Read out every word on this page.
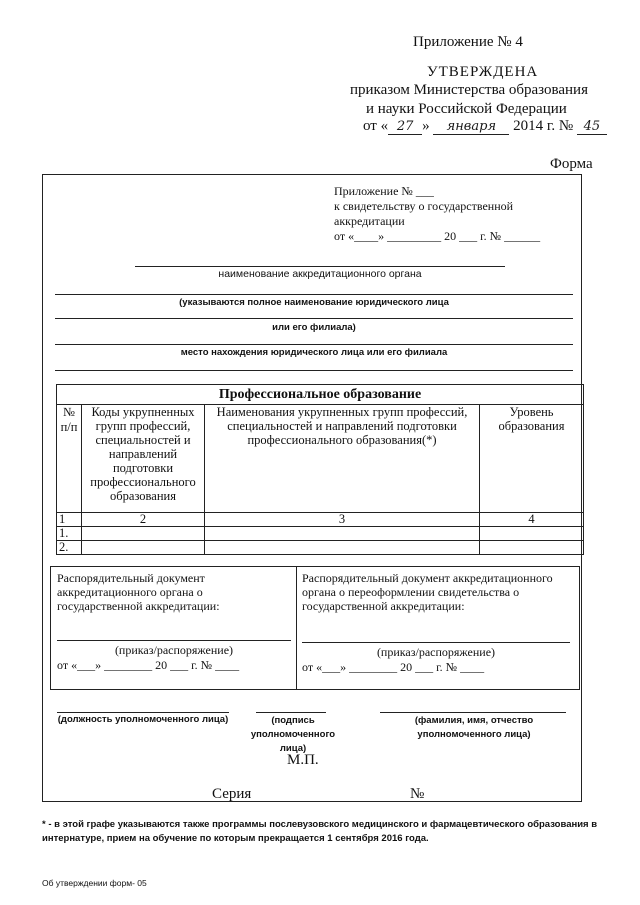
Приложение № 4
УТВЕРЖДЕНА
приказом Министерства образования
и науки Российской Федерации
от « 27 » января 2014 г. № 45
Форма
Приложение № ___
к свидетельству о государственной
аккредитации
от «____» _________ 20 ___ г. № ______
наименование аккредитационного органа
(указываются полное наименование юридического лица
или его филиала)
место нахождения юридического лица или его филиала
Профессиональное образование			
№ п/п	Коды укрупненных групп профессий, специальностей и направлений подготовки профессионального образования	Наименования укрупненных групп профессий, специальностей и направлений подготовки профессионального образования(*)	Уровень образования
1	2	3	4
1.			
2.			
Распорядительный документ аккредитационного органа о государственной аккредитации:
(приказ/распоряжение)
от «___» ________ 20 ___ г. № ____
Распорядительный документ аккредитационного органа о переоформлении свидетельства о государственной аккредитации:
(приказ/распоряжение)
от «___» ________ 20 ___ г. № ____
(должность уполномоченного лица)	(подпись
уполномоченного лица)
(фамилия, имя, отчество
уполномоченного лица)
М.П.
Серия	№
* - в этой графе указываются также программы послевузовского медицинского и фармацевтического образования в интернатуре, прием на обучение по которым прекращается 1 сентября 2016 года.
Об утверждении форм- 05
